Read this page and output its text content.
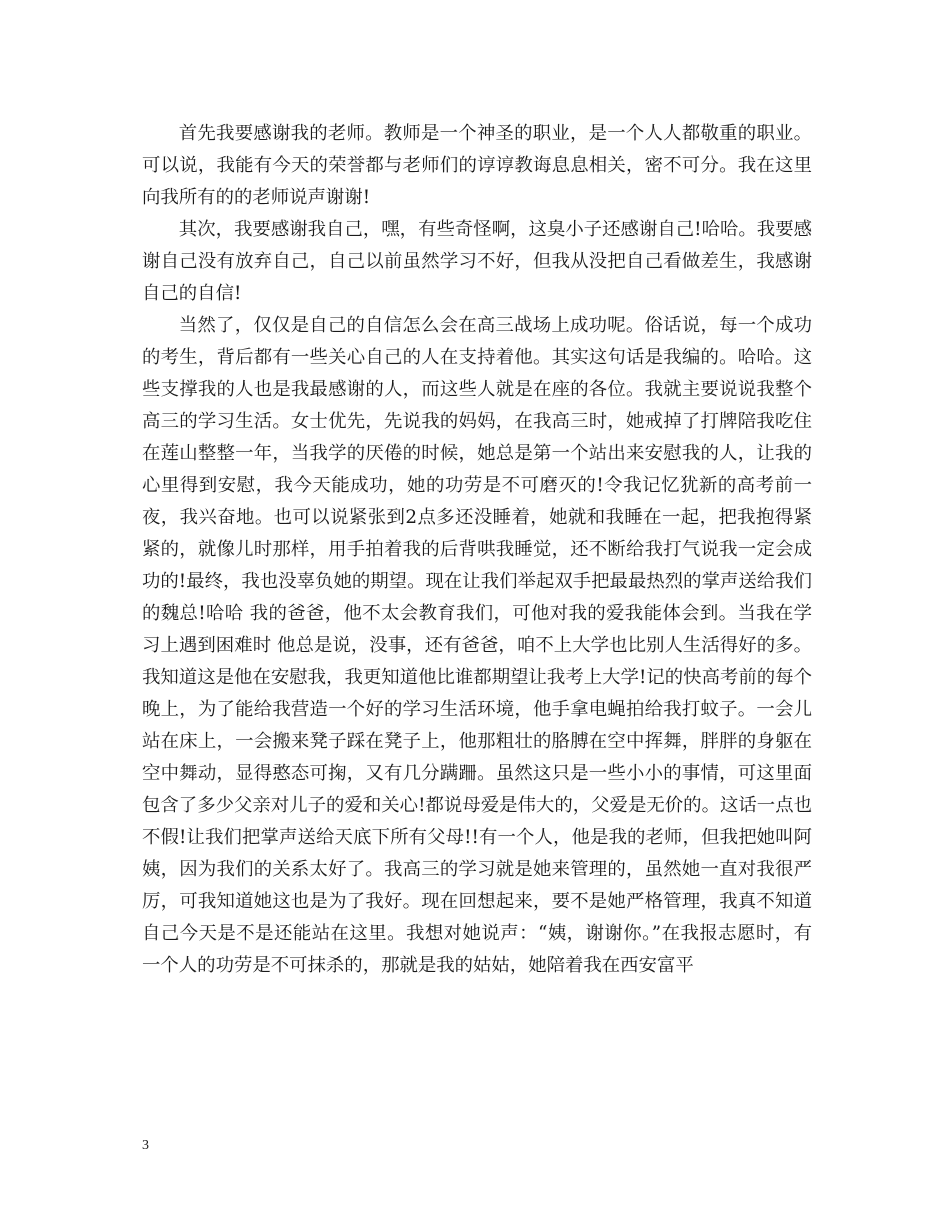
首先我要感谢我的老师。教师是一个神圣的职业，是一个人人都敬重的职业。可以说，我能有今天的荣誉都与老师们的谆谆教诲息息相关，密不可分。我在这里向我所有的的老师说声谢谢!

其次，我要感谢我自己，嘿，有些奇怪啊，这臭小子还感谢自己!哈哈。我要感谢自己没有放弃自己，自己以前虽然学习不好，但我从没把自己看做差生，我感谢自己的自信!

当然了，仅仅是自己的自信怎么会在高三战场上成功呢。俗话说，每一个成功的考生，背后都有一些关心自己的人在支持着他。其实这句话是我编的。哈哈。这些支撑我的人也是我最感谢的人，而这些人就是在座的各位。我就主要说说我整个高三的学习生活。女士优先，先说我的妈妈，在我高三时，她戒掉了打牌陪我吃住在莲山整整一年，当我学的厌倦的时候，她总是第一个站出来安慰我的人，让我的心里得到安慰，我今天能成功，她的功劳是不可磨灭的!令我记忆犹新的高考前一夜，我兴奋地。也可以说紧张到2点多还没睡着，她就和我睡在一起，把我抱得紧紧的，就像儿时那样，用手拍着我的后背哄我睡觉，还不断给我打气说我一定会成功的!最终，我也没辜负她的期望。现在让我们举起双手把最最热烈的掌声送给我们的魏总!哈哈 我的爸爸，他不太会教育我们，可他对我的爱我能体会到。当我在学习上遇到困难时 他总是说，没事，还有爸爸，咱不上大学也比别人生活得好的多。我知道这是他在安慰我，我更知道他比谁都期望让我考上大学!记的快高考前的每个晚上，为了能给我营造一个好的学习生活环境，他手拿电蝇拍给我打蚊子。一会儿站在床上，一会搬来凳子踩在凳子上，他那粗壮的胳膊在空中挥舞，胖胖的身躯在空中舞动，显得憨态可掬，又有几分蹒跚。虽然这只是一些小小的事情，可这里面包含了多少父亲对儿子的爱和关心!都说母爱是伟大的，父爱是无价的。这话一点也不假!让我们把掌声送给天底下所有父母!!有一个人，他是我的老师，但我把她叫阿姨，因为我们的关系太好了。我高三的学习就是她来管理的，虽然她一直对我很严厉，可我知道她这也是为了我好。现在回想起来，要不是她严格管理，我真不知道自己今天是不是还能站在这里。我想对她说声：“姨，谢谢你。”在我报志愿时，有一个人的功劳是不可抹杀的，那就是我的姑姑，她陪着我在西安富平

3
